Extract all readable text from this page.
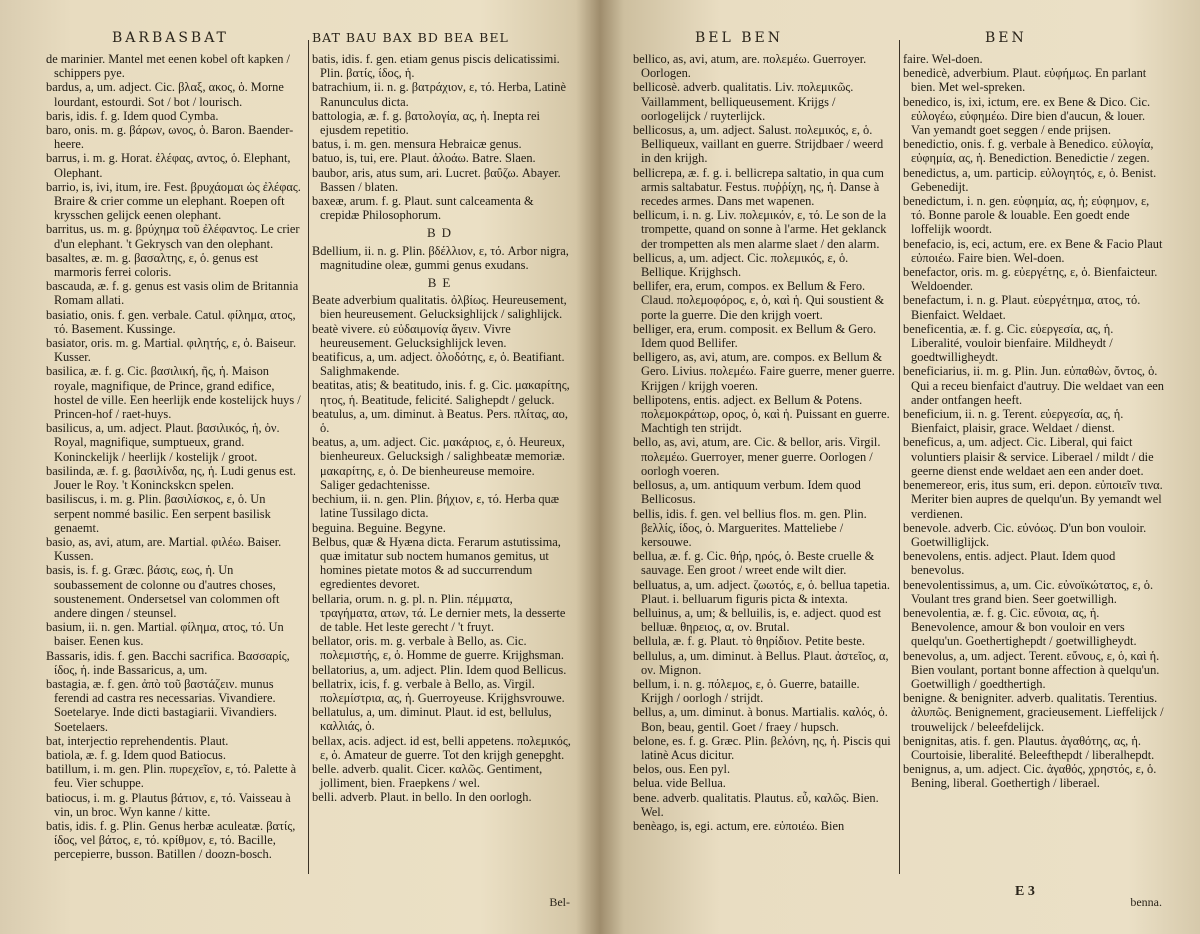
BARBASBAT	BAT BAU BAX BD BEA BEL

de marinier. Mantel met eenen kobel oft kapken / schippers pye.

bardus, a, um. adject. Cic. βλαξ, ακος, ὁ. Morne lourdant, estourdi. Sot / bot / lourisch.

baris, idis. f. g. Idem quod Cymba.

baro, onis. m. g. βάρων, ωνος, ὁ. Baron. Baender-heere.

barrus, i. m. g. Horat. ἐλέφας, αντος, ὁ. Elephant, Olephant.

barrio, is, ivi, itum, ire. Fest. βρυχάομαι ὡς ἐλέφας. Braire & crier comme un elephant. Roepen oft krysschen gelijck eenen olephant.

barritus, us. m. g. βρύχημα τοῦ ἐλέφαντος. Le crier d'un elephant. 't Gekrysch van den olephant.

basaltes, æ. m. g. βασαλτης, ε, ὁ. genus est marmoris ferrei coloris.

bascauda, æ. f. g. genus est vasis olim de Britannia Romam allati.

basiatio, onis. f. gen. verbale. Catul. φίλημα, ατος, τό. Basement. Kussinge.

basiator, oris. m. g. Martial. φιλητής, ε, ὁ. Baiseur. Kusser.

basilica, æ. f. g. Cic. βασιλική, ῆς, ἡ. Maison royale, magnifique, de Prince, grand edifice, hostel de ville. Een heerlijk ende kostelijck huys / Princen-hof / raet-huys.

basilicus, a, um. adject. Plaut. βασιλικός, ἡ, ὀν. Royal, magnifique, sumptueux, grand. Koninckelijk / heerlijk / kostelijk / groot.

basilinda, æ. f. g. βασιλίνδα, ης, ἡ. Ludi genus est. Jouer le Roy. 't Koninckskcn spelen.

basiliscus, i. m. g. Plin. βασιλίσκος, ε, ὁ. Un serpent nommé basilic. Een serpent basilisk genaemt.

basio, as, avi, atum, are. Martial. φιλέω. Baiser. Kussen.

basis, is. f. g. Græc. βάσις, εως, ἡ. Un soubassement de colonne ou d'autres choses, soustenement. Ondersetsel van colommen oft andere dingen / steunsel.

basium, ii. n. gen. Martial. φίλημα, ατος, τό. Un baiser. Eenen kus.

Bassaris, idis. f. gen. Bacchi sacrifica. Βασσαρίς, ίδος, ἡ. inde Bassaricus, a, um.

bastagia, æ. f. gen. ἀπὸ τοῦ βαστάζειν. munus ferendi ad castra res necessarias. Vivandiere. Soetelarye. Inde dicti bastagiarii. Vivandiers. Soetelaers.

bat, interjectio reprehendentis. Plaut.

batiola, æ. f. g. Idem quod Batiocus.

batillum, i. m. gen. Plin. πυρεχεῖον, ε, τό. Palette à feu. Vier schuppe.

batiocus, i. m. g. Plautus βάτιον, ε, τό. Vaisseau à vin, un broc. Wyn kanne / kitte.

batis, idis. f. g. Plin. Genus herbæ aculeatæ. βατίς, ίδος, vel βάτος, ε, τό. κρίθμον, ε, τό. Bacille, percepierre, busson. Batillen / doozn-bosch.

batis, idis. f. gen. etiam genus piscis delicatissimi. Plin. βατίς, ίδος, ἡ.

batrachium, ii. n. g. βατράχιον, ε, τό. Herba, Latinè Ranunculus dicta.

battologia, æ. f. g. βατολογία, ας, ἡ. Inepta rei ejusdem repetitio.

batus, i. m. gen. mensura Hebraicæ genus.

batuo, is, tui, ere. Plaut. ἀλοάω. Batre. Slaen.

baubor, aris, atus sum, ari. Lucret. βαΰζω. Abayer. Bassen / blaten.

baxeæ, arum. f. g. Plaut. sunt calceamenta & crepidæ Philosophorum.

BD

Bdellium, ii. n. g. Plin. βδέλλιον, ε, τό. Arbor nigra, magnitudine oleæ, gummi genus exudans.

BE

Beate adverbium qualitatis. ὀλβίως. Heureusement, bien heureusement. Gelucksighlijck / salighlijck.

beatè vivere. εὐ εὐδαιμονίᾳ ἄγειν. Vivre heureusement. Gelucksighlijck leven.

beatificus, a, um. adject. ὀλοδότης, ε, ὁ. Beatifiant. Salighmakende.

beatitas, atis; & beatitudo, inis. f. g. Cic. μακαρίτης, ητος, ἡ. Beatitude, felicité. Salighepdt / geluck.

beatulus, a, um. diminut. à Beatus. Pers. πλίτας, αο, ὁ.

beatus, a, um. adject. Cic. μακάριος, ε, ὁ. Heureux, bienheureux. Gelucksigh / salighbeatæ memoriæ. μακαρίτης, ε, ὁ. De bienheureuse memoire. Saliger gedachtenisse.

bechium, ii. n. gen. Plin. βήχιον, ε, τό. Herba quæ latine Tussilago dicta.

beguina. Beguine. Begyne.

Belbus, quæ & Hyæna dicta. Ferarum astutissima, quæ imitatur sub noctem humanos gemitus, ut homines pietate motos & ad succurrendum egredientes devoret.

bellaria, orum. n. g. pl. n. Plin. πέμματα, τραγήματα, ατων, τά. Le dernier mets, la desserte de table. Het leste gerecht / 't fruyt.

bellator, oris. m. g. verbale à Bello, as. Cic. πολεμιστής, ε, ὁ. Homme de guerre. Krijghsman.

bellatorius, a, um. adject. Plin. Idem quod Bellicus.

bellatrix, icis, f. g. verbale à Bello, as. Virgil. πολεμίστρια, ας, ἡ. Guerroyeuse. Krijghsvrouwe.

bellatulus, a, um. diminut. Plaut. id est, bellulus, καλλιάς, ὁ.

bellax, acis. adject. id est, belli appetens. πολεμικός, ε, ὁ. Amateur de guerre. Tot den krijgh genepght.

belle. adverb. qualit. Cicer. καλῶς. Gentiment, jolliment, bien. Fraepkens / wel.

belli. adverb. Plaut. in bello. In den oorlogh.

Bel-
BEL BEN	BEN

bellico, as, avi, atum, are. πολεμέω. Guerroyer. Oorlogen.

bellicosè. adverb. qualitatis. Liv. πολεμικῶς. Vaillamment, belliqueusement. Krijgs / oorlogelijck / ruyterlijck.

bellicosus, a, um. adject. Salust. πολεμικός, ε, ὁ. Belliqueux, vaillant en guerre. Strijdbaer / weerd in den krijgh.

bellicrepa, æ. f. g. i. bellicrepa saltatio, in qua cum armis saltabatur. Festus. πυῤῥίχη, ης, ἡ. Danse à recedes armes. Dans met wapenen.

bellicum, i. n. g. Liv. πολεμικόν, ε, τό. Le son de la trompette, quand on sonne à l'arme. Het geklanck der trompetten als men alarme slaet / den alarm.

bellicus, a, um. adject. Cic. πολεμικός, ε, ὁ. Bellique. Krijghsch.

bellifer, era, erum, compos. ex Bellum & Fero. Claud. πολεμοφόρος, ε, ὁ, καὶ ἡ. Qui soustient & porte la guerre. Die den krijgh voert.

belliger, era, erum. composit. ex Bellum & Gero. Idem quod Bellifer.

belligero, as, avi, atum, are. compos. ex Bellum & Gero. Livius. πολεμέω. Faire guerre, mener guerre. Krijgen / krijgh voeren.

bellipotens, entis. adject. ex Bellum & Potens. πολεμοκράτωρ, ορος, ὁ, καὶ ἡ. Puissant en guerre. Machtigh ten strijdt.

bello, as, avi, atum, are. Cic. & bellor, aris. Virgil. πολεμέω. Guerroyer, mener guerre. Oorlogen / oorlogh voeren.

bellosus, a, um. antiquum verbum. Idem quod Bellicosus.

bellis, idis. f. gen. vel bellius flos. m. gen. Plin. βελλίς, ίδος, ὁ. Marguerites. Matteliebe / kersouwe.

bellua, æ. f. g. Cic. θήρ, ηρός, ὁ. Beste cruelle & sauvage. Een groot / wreet ende wilt dier.

belluatus, a, um. adject. ζωωτός, ε, ὁ. bellua tapetia. Plaut. i. belluarum figuris picta & intexta.

belluinus, a, um; & belluilis, is, e. adject. quod est belluæ. θηρειος, α, ον. Brutal.

bellula, æ. f. g. Plaut. τὸ θηρίδιον. Petite beste.

bellulus, a, um. diminut. à Bellus. Plaut. ἀστεῖος, α, ον. Mignon.

bellum, i. n. g. πόλεμος, ε, ὁ. Guerre, bataille. Krijgh / oorlogh / strijdt.

bellus, a, um. diminut. à bonus. Martialis. καλός, ὁ. Bon, beau, gentil. Goet / fraey / hupsch.

belone, es. f. g. Græc. Plin. βελόνη, ης, ἡ. Piscis qui latinè Acus dicitur.

belos, ous. Een pyl.

belua. vide Bellua.

bene. adverb. qualitatis. Plautus. εὖ, καλῶς. Bien. Wel.

benèago, is, egi. actum, ere. εὐποιέω. Bien

faire. Wel-doen.

benedicè, adverbium. Plaut. εὐφήμως. En parlant bien. Met wel-spreken.

benedico, is, ixi, ictum, ere. ex Bene & Dico. Cic. εὐλογέω, εὐφημέω. Dire bien d'aucun, & louer. Van yemandt goet seggen / ende prijsen.

benedictio, onis. f. g. verbale à Benedico. εὐλογία, εὐφημία, ας, ἡ. Benediction. Benedictie / zegen.

benedictus, a, um. particip. εὐλογητός, ε, ὁ. Benist. Gebenedijt.

benedictum, i. n. gen. εὐφημία, ας, ἡ; εὐφημον, ε, τό. Bonne parole & louable. Een goedt ende loffelijk woordt.

benefacio, is, eci, actum, ere. ex Bene & Facio Plaut εὐποιέω. Faire bien. Wel-doen.

benefactor, oris. m. g. εὐεργέτης, ε, ὁ. Bienfaicteur. Weldoender.

benefactum, i. n. g. Plaut. εὐεργέτημα, ατος, τό. Bienfaict. Weldaet.

beneficentia, æ. f. g. Cic. εὐεργεσία, ας, ἡ. Liberalité, vouloir bienfaire. Mildheydt / goedtwilligheydt.

beneficiarius, ii. m. g. Plin. Jun. εὐπαθὼν, ὄντος, ὁ. Qui a receu bienfaict d'autruy. Die weldaet van een ander ontfangen heeft.

beneficium, ii. n. g. Terent. εὐεργεσία, ας, ἡ. Bienfaict, plaisir, grace. Weldaet / dienst.

beneficus, a, um. adject. Cic. Liberal, qui faict voluntiers plaisir & service. Liberael / mildt / die geerne dienst ende weldaet aen een ander doet.

benemereor, eris, itus sum, eri. depon. εὐποιεῖν τινα. Meriter bien aupres de quelqu'un. By yemandt wel verdienen.

benevole. adverb. Cic. εὐνόως. D'un bon vouloir. Goetwilliglijck.

benevolens, entis. adject. Plaut. Idem quod benevolus.

benevolentissimus, a, um. Cic. εὐνοϊκώτατος, ε, ὁ. Voulant tres grand bien. Seer goetwilligh.

benevolentia, æ. f. g. Cic. εὔνοια, ας, ἡ. Benevolence, amour & bon vouloir en vers quelqu'un. Goethertighepdt / goetwilligheydt.

benevolus, a, um. adject. Terent. εὔνους, ε, ὁ, καὶ ἡ. Bien voulant, portant bonne affection à quelqu'un. Goetwilligh / goedthertigh.

benigne. & benigniter. adverb. qualitatis. Terentius. ἀλυπῶς. Benignement, gracieusement. Lieffelijck / trouwelijck / beleefdelijck.

benignitas, atis. f. gen. Plautus. ἀγαθότης, ας, ἡ. Courtoisie, liberalité. Beleefthepdt / liberalhepdt.

benignus, a, um. adject. Cic. ἀγαθός, χρηστός, ε, ὁ. Bening, liberal. Goethertigh / liberael.

E 3
benna.
